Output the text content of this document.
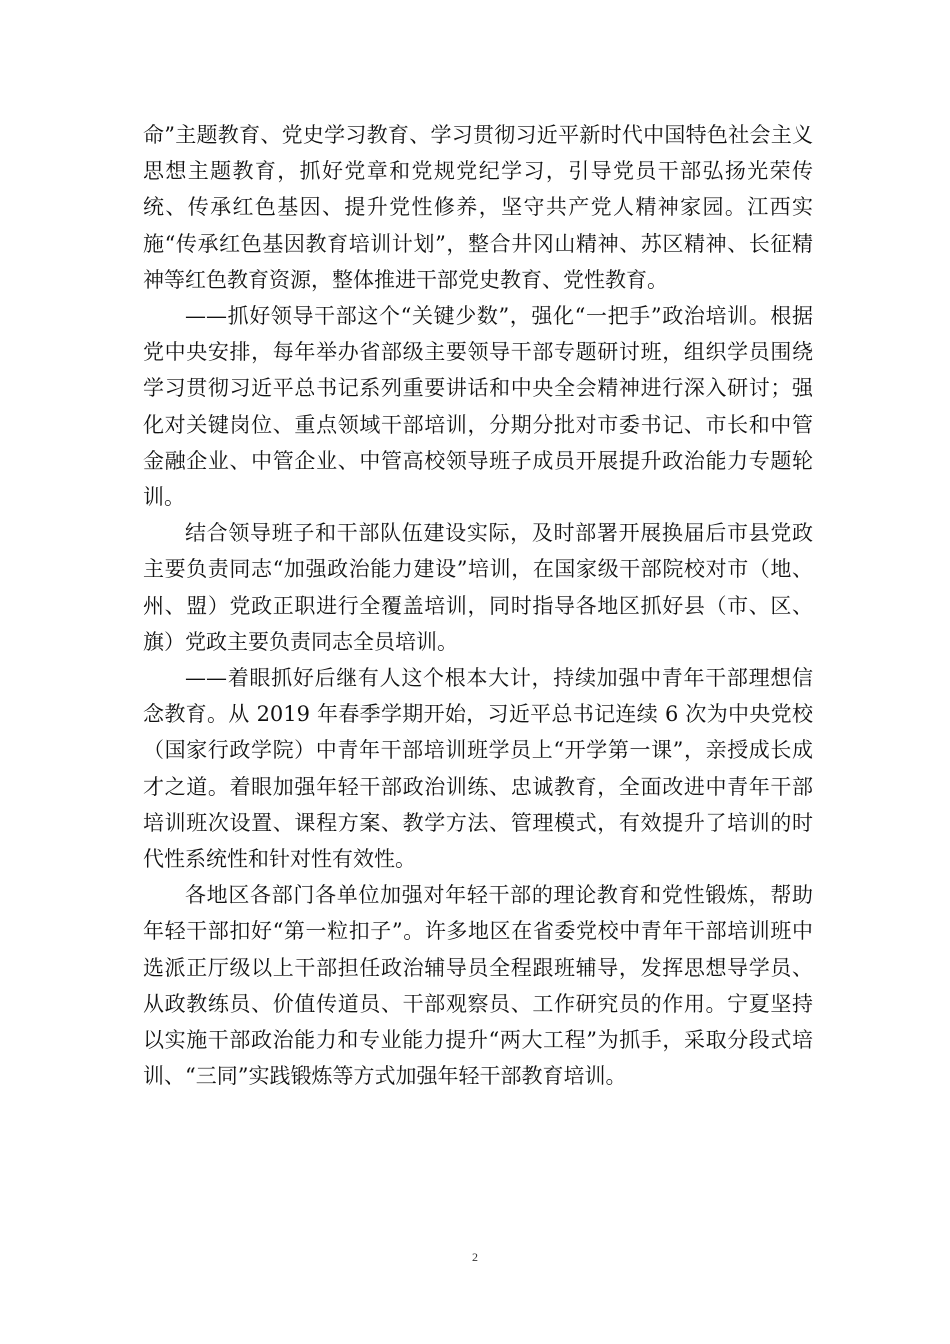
命”主题教育、党史学习教育、学习贯彻习近平新时代中国特色社会主义思想主题教育，抓好党章和党规党纪学习，引导党员干部弘扬光荣传统、传承红色基因、提升党性修养，坚守共产党人精神家园。江西实施“传承红色基因教育培训计划”，整合井冈山精神、苏区精神、长征精神等红色教育资源，整体推进干部党史教育、党性教育。

——抓好领导干部这个“关键少数”，强化“一把手”政治培训。根据党中央安排，每年举办省部级主要领导干部专题研讨班，组织学员围绕学习贯彻习近平总书记系列重要讲话和中央全会精神进行深入研讨；强化对关键岗位、重点领域干部培训，分期分批对市委书记、市长和中管金融企业、中管企业、中管高校领导班子成员开展提升政治能力专题轮训。

结合领导班子和干部队伍建设实际，及时部署开展换届后市县党政主要负责同志“加强政治能力建设”培训，在国家级干部院校对市（地、州、盟）党政正职进行全覆盖培训，同时指导各地区抓好县（市、区、旗）党政主要负责同志全员培训。

——着眼抓好后继有人这个根本大计，持续加强中青年干部理想信念教育。从 2019 年春季学期开始，习近平总书记连续 6 次为中央党校（国家行政学院）中青年干部培训班学员上“开学第一课”，亲授成长成才之道。着眼加强年轻干部政治训练、忠诚教育，全面改进中青年干部培训班次设置、课程方案、教学方法、管理模式，有效提升了培训的时代性系统性和针对性有效性。

各地区各部门各单位加强对年轻干部的理论教育和党性锻炼，帮助年轻干部扣好“第一粒扣子”。许多地区在省委党校中青年干部培训班中选派正厅级以上干部担任政治辅导员全程跟班辅导，发挥思想导学员、从政教练员、价值传道员、干部观察员、工作研究员的作用。宁夏坚持以实施干部政治能力和专业能力提升“两大工程”为抓手，采取分段式培训、“三同”实践锻炼等方式加强年轻干部教育培训。

2
